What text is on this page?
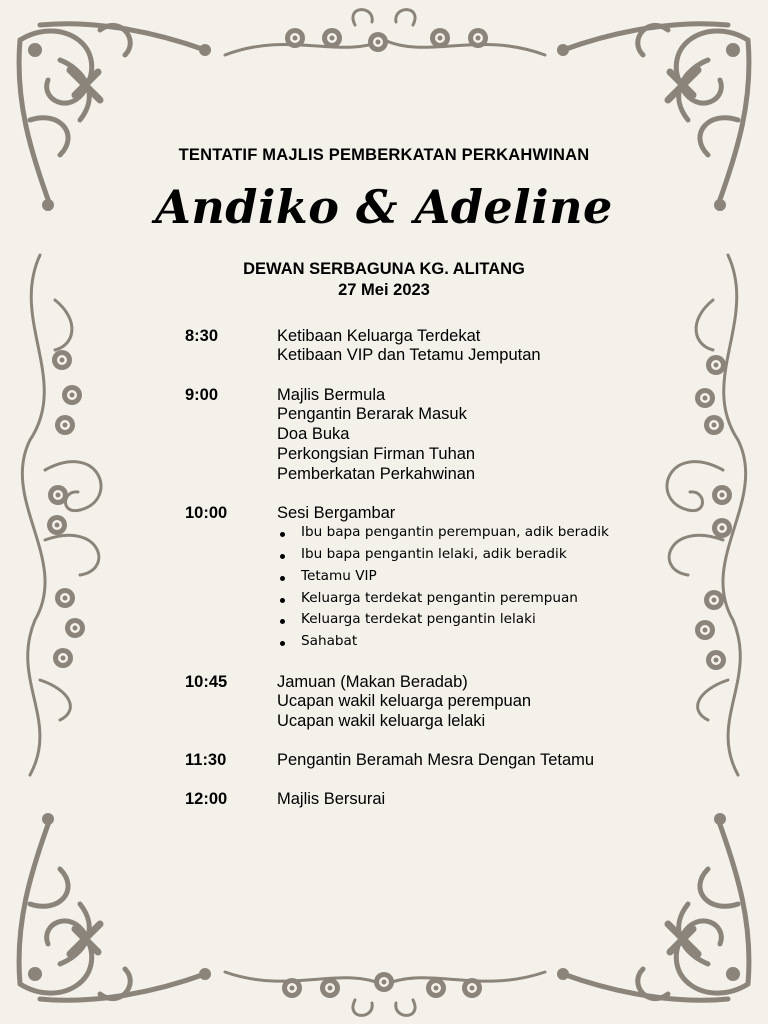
TENTATIF MAJLIS PEMBERKATAN PERKAHWINAN

Andiko & Adeline

DEWAN SERBAGUNA KG. ALITANG

27 Mei 2023

8:30	Ketibaan Keluarga Terdekat

Ketibaan VIP dan Tetamu Jemputan

9:00	Majlis Bermula

Pengantin Berarak Masuk

Doa Buka

Perkongsian Firman Tuhan

Pemberkatan Perkahwinan

10:00	Sesi Bergambar

Ibu bapa pengantin perempuan, adik beradik

Ibu bapa pengantin lelaki, adik beradik

Tetamu VIP

Keluarga terdekat pengantin perempuan

Keluarga terdekat pengantin lelaki

Sahabat

10:45	Jamuan (Makan Beradab)

Ucapan wakil keluarga perempuan

Ucapan wakil keluarga lelaki

11:30	Pengantin Beramah Mesra Dengan Tetamu

12:00	Majlis Bersurai
